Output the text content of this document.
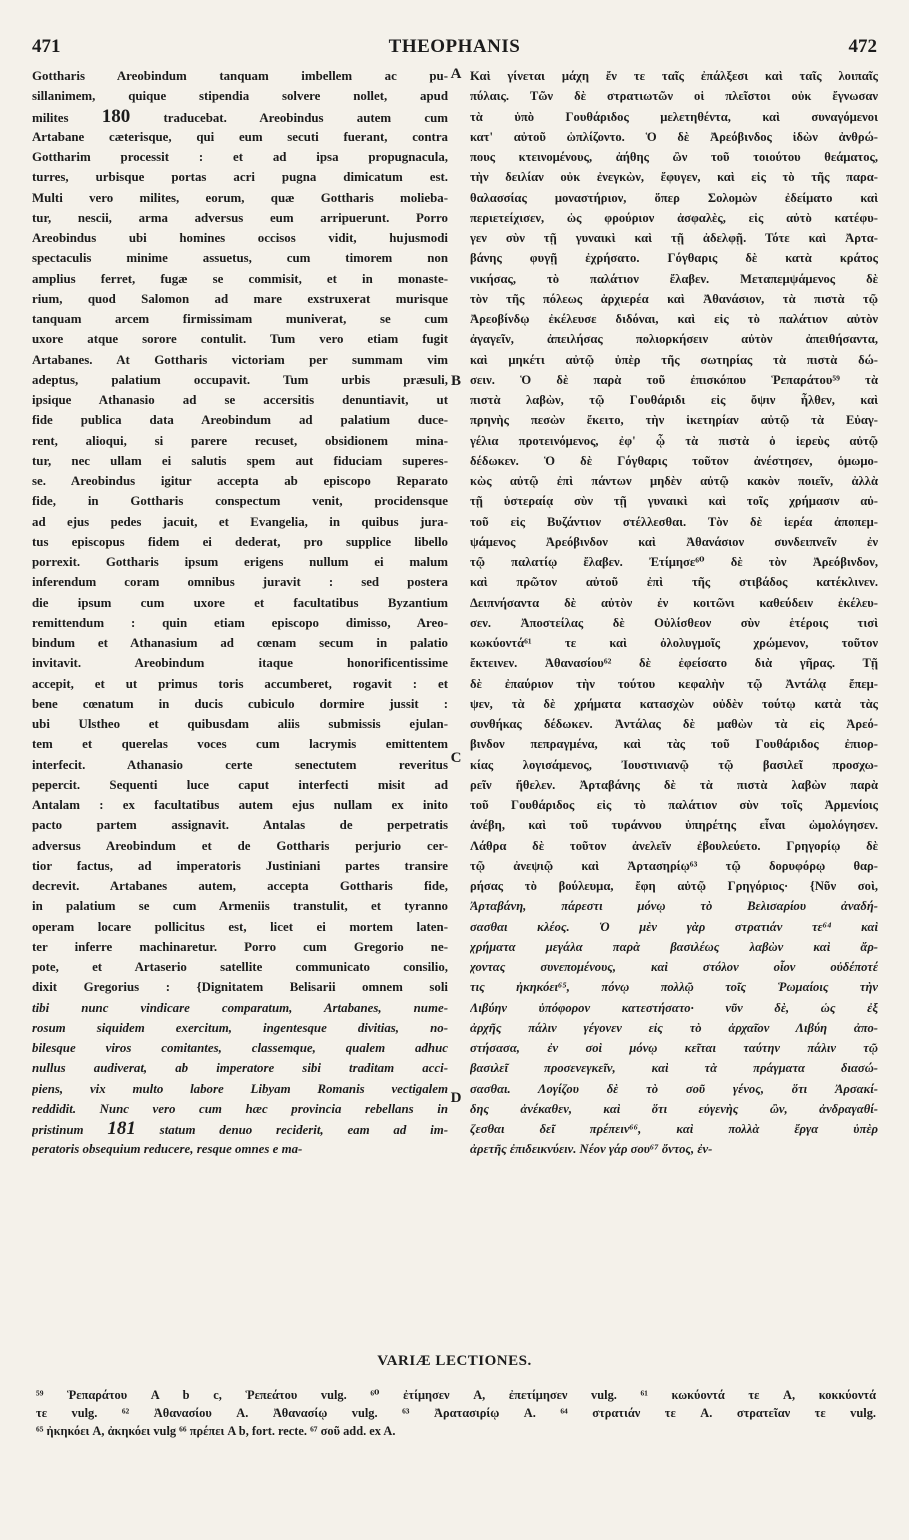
471	THEOPHANIS	472
Gottharis Areobindum tanquam imbellem ac pu-
sillanimem, quique stipendia solvere nollet, apud
milites 180 traducebat. Areobindus autem cum
Artabane cæterisque, qui eum secuti fuerant, contra
Gottharim processit : et ad ipsa propugnacula,
turres, urbisque portas acri pugna dimicatum est.
Multi vero milites, eorum, quæ Gottharis molieba-
tur, nescii, arma adversus eum arripuerunt. Porro
Areobindus ubi homines occisos vidit, hujusmodi
spectaculis minime assuetus, cum timorem non
amplius ferret, fugæ se commisit, et in monaste-
rium, quod Salomon ad mare exstruxerat murisque
tanquam arcem firmissimam muniverat, se cum
uxore atque sorore contulit. Tum vero etiam fugit
Artabanes. At Gottharis victoriam per summam vim
adeptus, palatium occupavit. Tum urbis præsuli,
ipsique Athanasio ad se accersitis denuntiavit, ut
fide publica data Areobindum ad palatium duce-
rent, alioqui, si parere recuset, obsidionem mina-
tur, nec ullam ei salutis spem aut fiduciam superes-
se. Areobindus igitur accepta ab episcopo Reparato
fide, in Gottharis conspectum venit, procidensque
ad ejus pedes jacuit, et Evangelia, in quibus jura-
tus episcopus fidem ei dederat, pro supplice libello
porrexit. Gottharis ipsum erigens nullum ei malum
inferendum coram omnibus juravit : sed postera
die ipsum cum uxore et facultatibus Byzantium
remittendum : quin etiam episcopo dimisso, Areo-
bindum et Athanasium ad cœnam secum in palatio
invitavit. Areobindum itaque honorificentissime
accepit, et ut primus toris accumberet, rogavit : et
bene cœnatum in ducis cubiculo dormire jussit :
ubi Ulstheo et quibusdam aliis submissis ejulan-
tem et querelas voces cum lacrymis emittentem
interfecit. Athanasio certe senectutem reveritus
pepercit. Sequenti luce caput interfecti misit ad
Antalam : ex facultatibus autem ejus nullam ex inito
pacto partem assignavit. Antalas de perpetratis
adversus Areobindum et de Gottharis perjurio cer-
tior factus, ad imperatoris Justiniani partes transire
decrevit. Artabanes autem, accepta Gottharis fide,
in palatium se cum Armeniis transtulit, et tyranno
operam locare pollicitus est, licet ei mortem laten-
ter inferre machinaretur. Porro cum Gregorio ne-
pote, et Artaserio satellite communicato consilio,
dixit Gregorius : {Dignitatem Belisarii omnem soli
tibi nunc vindicare comparatum, Artabanes, nume-
rosum siquidem exercitum, ingentesque divitias, no-
bilesque viros comitantes, classemque, qualem adhuc
nullus audiverat, ab imperatore sibi traditam acci-
piens, vix multo labore Libyam Romanis vectigalem
reddidit. Nunc vero cum hæc provincia rebellans in
pristinum 181 statum denuo reciderit, eam ad im-
peratoris obsequium reducere, resque omnes e ma-
Καὶ γίνεται μάχη ἔν τε ταῖς ἐπάλξεσι καὶ ταῖς λοιπαῖς
πύλαις. Τῶν δὲ στρατιωτῶν οἱ πλεῖστοι οὐκ ἔγνωσαν
τὰ ὑπὸ Γουθάριδος μελετηθέντα, καὶ συναγόμενοι
κατ' αὐτοῦ ὡπλίζοντο. Ὁ δὲ Ἀρεόβινδος ἰδὼν ἀνθρώ-
πους κτεινομένους, ἀήθης ὢν τοῦ τοιούτου θεάματος,
τὴν δειλίαν οὐκ ἐνεγκὼν, ἔφυγεν, καὶ εἰς τὸ τῆς παρα-
θαλασσίας μοναστήριον, ὅπερ Σολομὼν ἐδείματο καὶ
περιετείχισεν, ὡς φρούριον ἀσφαλὲς, εἰς αὐτὸ κατέφυ-
γεν σὺν τῇ γυναικὶ καὶ τῇ ἀδελφῇ. Τότε καὶ Ἀρτα-
βάνης φυγῇ ἐχρήσατο. Γόγθαρις δὲ κατὰ κράτος
νικήσας, τὸ παλάτιον ἔλαβεν. Μεταπεμψάμενος δὲ
τὸν τῆς πόλεως ἀρχιερέα καὶ Ἀθανάσιον, τὰ πιστὰ τῷ
Ἀρεοβίνδῳ ἐκέλευσε διδόναι, καὶ εἰς τὸ παλάτιον αὐτὸν
ἀγαγεῖν, ἀπειλήσας πολιορκήσειν αὐτὸν ἀπειθήσαντα,
καὶ μηκέτι αὐτῷ ὑπὲρ τῆς σωτηρίας τὰ πιστὰ δώ-
σειν. Ὁ δὲ παρὰ τοῦ ἐπισκόπου Ῥεπαράτου⁵⁹ τὰ
πιστὰ λαβὼν, τῷ Γουθάριδι εἰς ὄψιν ἦλθεν, καὶ
πρηνὴς πεσὼν ἔκειτο, τὴν ἱκετηρίαν αὐτῷ τὰ Εὐαγ-
γέλια προτεινόμενος, ἐφ' ᾧ τὰ πιστὰ ὁ ἱερεὺς αὐτῷ
δέδωκεν. Ὁ δὲ Γόγθαρις τοῦτον ἀνέστησεν, ὁμωμο-
κὼς αὐτῷ ἐπὶ πάντων μηδὲν αὐτῷ κακὸν ποιεῖν, ἀλλὰ
τῇ ὑστεραίᾳ σὺν τῇ γυναικὶ καὶ τοῖς χρήμασιν αὐ-
τοῦ εἰς Βυζάντιον στέλλεσθαι. Τὸν δὲ ἱερέα ἀποπεμ-
ψάμενος Ἀρεόβινδον καὶ Ἀθανάσιον συνδειπνεῖν ἐν
τῷ παλατίῳ ἔλαβεν. Ἐτίμησε⁶⁰ δὲ τὸν Ἀρεόβινδον,
καὶ πρῶτον αὐτοῦ ἐπὶ τῆς στιβάδος κατέκλινεν.
Δειπνήσαντα δὲ αὐτὸν ἐν κοιτῶνι καθεύδειν ἐκέλευ-
σεν. Ἀποστείλας δὲ Οὐλίσθεον σὺν ἑτέροις τισὶ
κωκύοντά⁶¹ τε καὶ ὀλολυγμοῖς χρώμενον, τοῦτον
ἔκτεινεν. Ἀθανασίου⁶² δὲ ἐφείσατο διὰ γῆρας. Τῇ
δὲ ἐπαύριον τὴν τούτου κεφαλὴν τῷ Ἀντάλᾳ ἔπεμ-
ψεν, τὰ δὲ χρήματα κατασχὼν οὐδὲν τούτῳ κατὰ τὰς
συνθήκας δέδωκεν. Ἀντάλας δὲ μαθὼν τὰ εἰς Ἀρεό-
βινδον πεπραγμένα, καὶ τὰς τοῦ Γουθάριδος ἐπιορ-
κίας λογισάμενος, Ἰουστινιανῷ τῷ βασιλεῖ προσχω-
ρεῖν ἤθελεν. Ἀρταβάνης δὲ τὰ πιστὰ λαβὼν παρὰ
τοῦ Γουθάριδος εἰς τὸ παλάτιον σὺν τοῖς Ἀρμενίοις
ἀνέβη, καὶ τοῦ τυράννου ὑπηρέτης εἶναι ὡμολόγησεν.
Λάθρα δὲ τοῦτον ἀνελεῖν ἐβουλεύετο. Γρηγορίῳ δὲ
τῷ ἀνεψιῷ καὶ Ἀρτασηρίῳ⁶³ τῷ δορυφόρῳ θαρ-
ρήσας τὸ βούλευμα, ἔφη αὐτῷ Γρηγόριος· {Νῦν σοὶ,
Ἀρταβάνη, πάρεστι μόνῳ τὸ Βελισαρίου ἀναδή-
σασθαι κλέος. Ὁ μὲν γὰρ στρατιάν τε⁶⁴ καὶ
χρήματα μεγάλα παρὰ βασιλέως λαβὼν καὶ ἄρ-
χοντας συνεπομένους, καὶ στόλον οἷον οὐδέποτέ
τις ἠκηκόει⁶⁵, πόνῳ πολλῷ τοῖς Ῥωμαίοις τὴν
Λιβύην ὑπόφορον κατεστήσατο· νῦν δὲ, ὡς ἐξ
ἀρχῆς πάλιν γέγονεν εἰς τὸ ἀρχαῖον Λιβύη ἀπο-
στήσασα, ἐν σοὶ μόνῳ κεῖται ταύτην πάλιν τῷ
βασιλεῖ προσενεγκεῖν, καὶ τὰ πράγματα διασώ-
σασθαι. Λογίζου δὲ τὸ σοῦ γένος, ὅτι Ἀρσακί-
δης ἀνέκαθεν, καὶ ὅτι εὐγενὴς ὢν, ἀνδραγαθί-
ζεσθαι δεῖ πρέπειν⁶⁶, καὶ πολλὰ ἔργα ὑπὲρ
ἀρετῆς ἐπιδεικνύειν. Νέον γάρ σου⁶⁷ ὄντος, ἐν-
A
B
C
D
VARIÆ LECTIONES.
⁵⁹ Ῥεπαράτου A b c, Ῥεπεάτου vulg. ⁶⁰ ἐτίμησεν A, ἐπετίμησεν vulg. ⁶¹ κωκύοντά τε A, κοκκύοντά
τε vulg. ⁶² Ἀθανασίου A. Ἀθανασίῳ vulg. ⁶³ Ἀρατασιρίῳ A. ⁶⁴ στρατιάν τε A. στρατεῖαν τε vulg.
⁶⁵ ἠκηκόει A, ἀκηκόει vulg ⁶⁶ πρέπει A b, fort. recte. ⁶⁷ σοῦ add. ex A.
